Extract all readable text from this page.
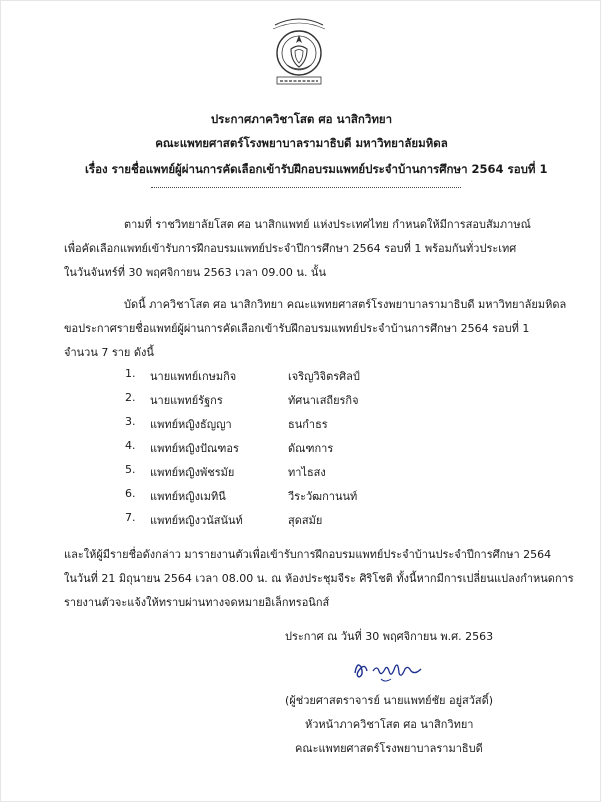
ประกาศภาควิชาโสต ศอ นาสิกวิทยา
คณะแพทยศาสตร์โรงพยาบาลรามาธิบดี มหาวิทยาลัยมหิดล
เรื่อง รายชื่อแพทย์ผู้ผ่านการคัดเลือกเข้ารับฝึกอบรมแพทย์ประจำบ้านการศึกษา 2564 รอบที่ 1
ตามที่ ราชวิทยาลัยโสต ศอ นาสิกแพทย์ แห่งประเทศไทย กำหนดให้มีการสอบสัมภาษณ์
เพื่อคัดเลือกแพทย์เข้ารับการฝึกอบรมแพทย์ประจำปีการศึกษา 2564 รอบที่ 1 พร้อมกันทั่วประเทศ
ในวันจันทร์ที่ 30 พฤศจิกายน 2563 เวลา 09.00 น. นั้น
บัดนี้ ภาควิชาโสต ศอ นาสิกวิทยา คณะแพทยศาสตร์โรงพยาบาลรามาธิบดี มหาวิทยาลัยมหิดล
ขอประกาศรายชื่อแพทย์ผู้ผ่านการคัดเลือกเข้ารับฝึกอบรมแพทย์ประจำบ้านการศึกษา 2564 รอบที่ 1
จำนวน 7 ราย ดังนี้
1. นายแพทย์เกษมกิจ	เจริญวิจิตรศิลป์
2. นายแพทย์รัฐกร	ทัศนาเสถียรกิจ
3. แพทย์หญิงธัญญา	ธนกำธร
4. แพทย์หญิงปัณฑอร	ดัณฑการ
5. แพทย์หญิงพัชรมัย	ทาไธสง
6. แพทย์หญิงเมทินี	วีระวัฒกานนท์
7. แพทย์หญิงวนัสนันท์	สุดสมัย
และให้ผู้มีรายชื่อดังกล่าว มารายงานตัวเพื่อเข้ารับการฝึกอบรมแพทย์ประจำบ้านประจำปีการศึกษา 2564
ในวันที่ 21 มิถุนายน 2564 เวลา 08.00 น. ณ ห้องประชุมจีระ ศิริโชติ ทั้งนี้หากมีการเปลี่ยนแปลงกำหนดการ
รายงานตัวจะแจ้งให้ทราบผ่านทางจดหมายอิเล็กทรอนิกส์
ประกาศ ณ วันที่ 30 พฤศจิกายน พ.ศ. 2563
(ผู้ช่วยศาสตราจารย์ นายแพทย์ชัย อยู่สวัสดิ์)
หัวหน้าภาควิชาโสต ศอ นาสิกวิทยา
คณะแพทยศาสตร์โรงพยาบาลรามาธิบดี
